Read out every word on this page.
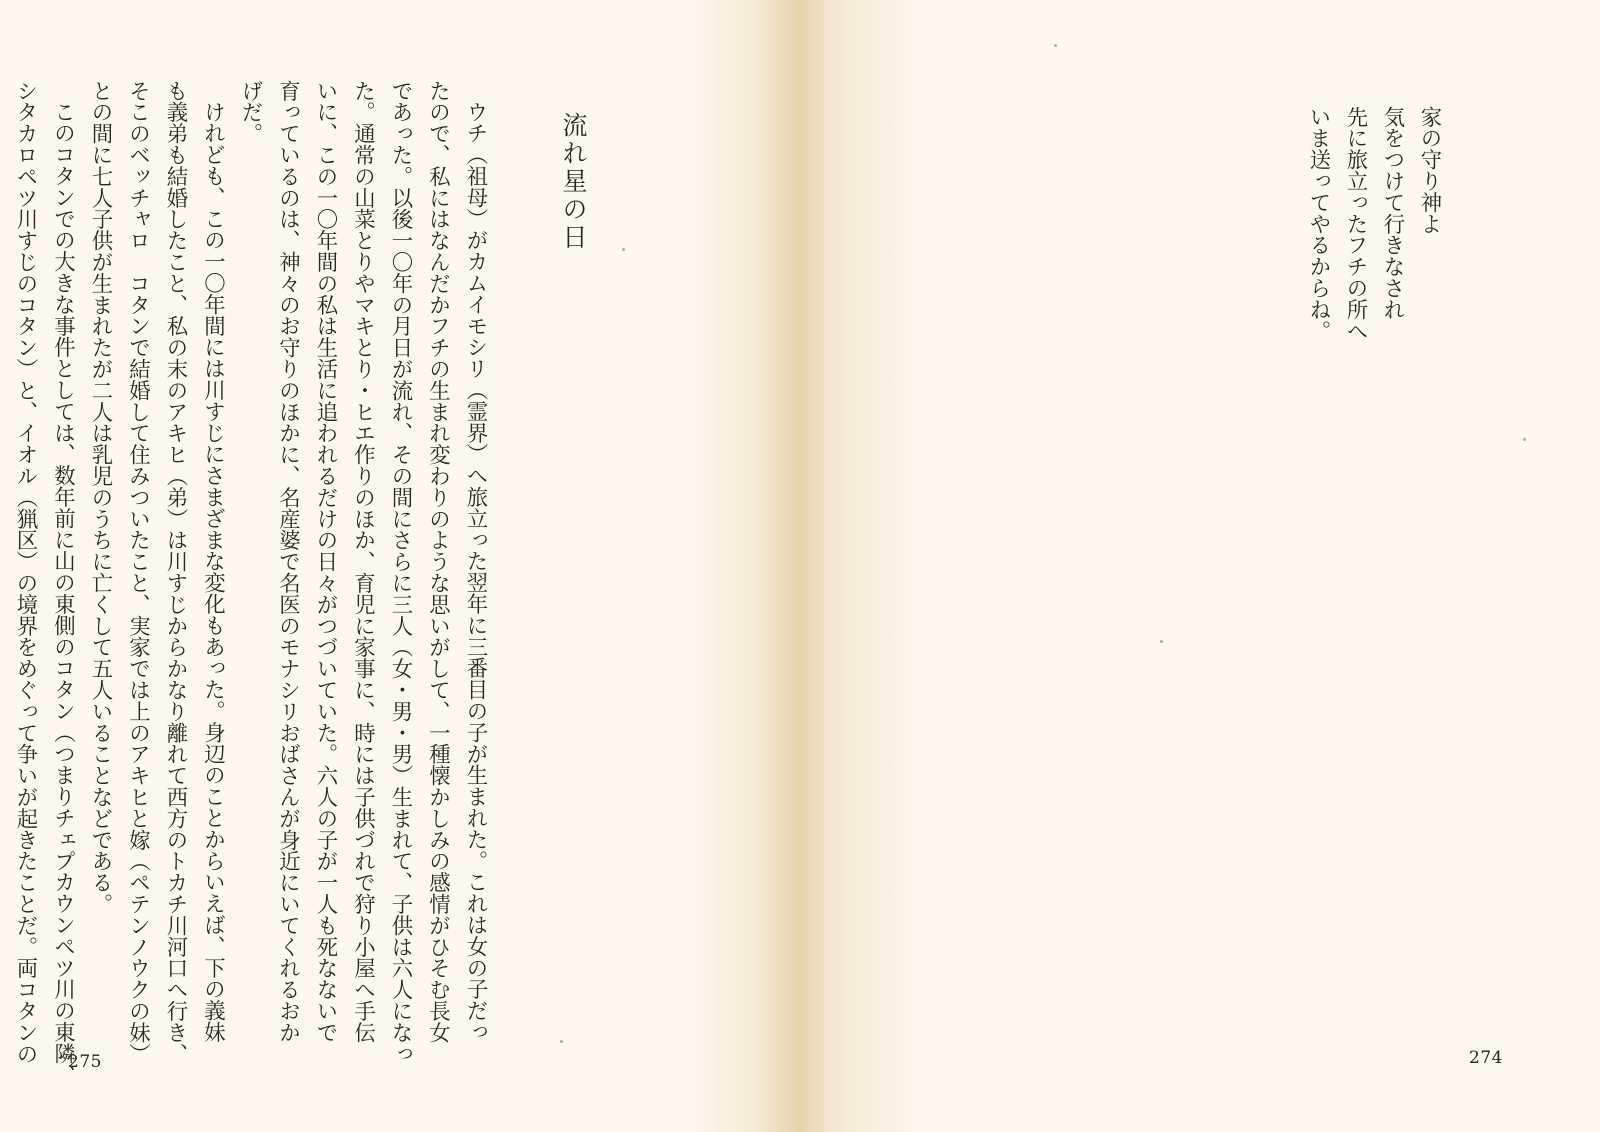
流れ星の日
ウチ（祖母）がカムイモシリ（霊界）へ旅立った翌年に三番目の子が生まれた。これは女の子だっ
たので、私にはなんだかフチの生まれ変わりのような思いがして、一種懐かしみの感情がひそむ長女
であった。以後一〇年の月日が流れ、その間にさらに三人（女・男・男）生まれて、子供は六人になっ
た。通常の山菜とりやマキとり・ヒエ作りのほか、育児に家事に、時には子供づれで狩り小屋へ手伝
いに、この一〇年間の私は生活に追われるだけの日々がつづいていた。六人の子が一人も死なないで
育っているのは、神々のお守りのほかに、名産婆で名医のモナシリおばさんが身近にいてくれるおか
げだ。
けれども、この一〇年間には川すじにさまざまな変化もあった。身辺のことからいえば、下の義妹
も義弟も結婚したこと、私の末のアキヒ（弟）は川すじからかなり離れて西方のトカチ川河口へ行き、
そこのベッチャロ　コタンで結婚して住みついたこと、実家では上のアキヒと嫁（ペテンノウクの妹）
との間に七人子供が生まれたが二人は乳児のうちに亡くして五人いることなどである。
このコタンでの大きな事件としては、数年前に山の東側のコタン（つまりチェプカウンペツ川の東隣、
シタカロペツ川すじのコタン）と、イオル（猟区）の境界をめぐって争いが起きたことだ。両コタンの	275
家の守り神よ
気をつけて行きなされ
先に旅立ったフチの所へ
いま送ってやるからね。
274
